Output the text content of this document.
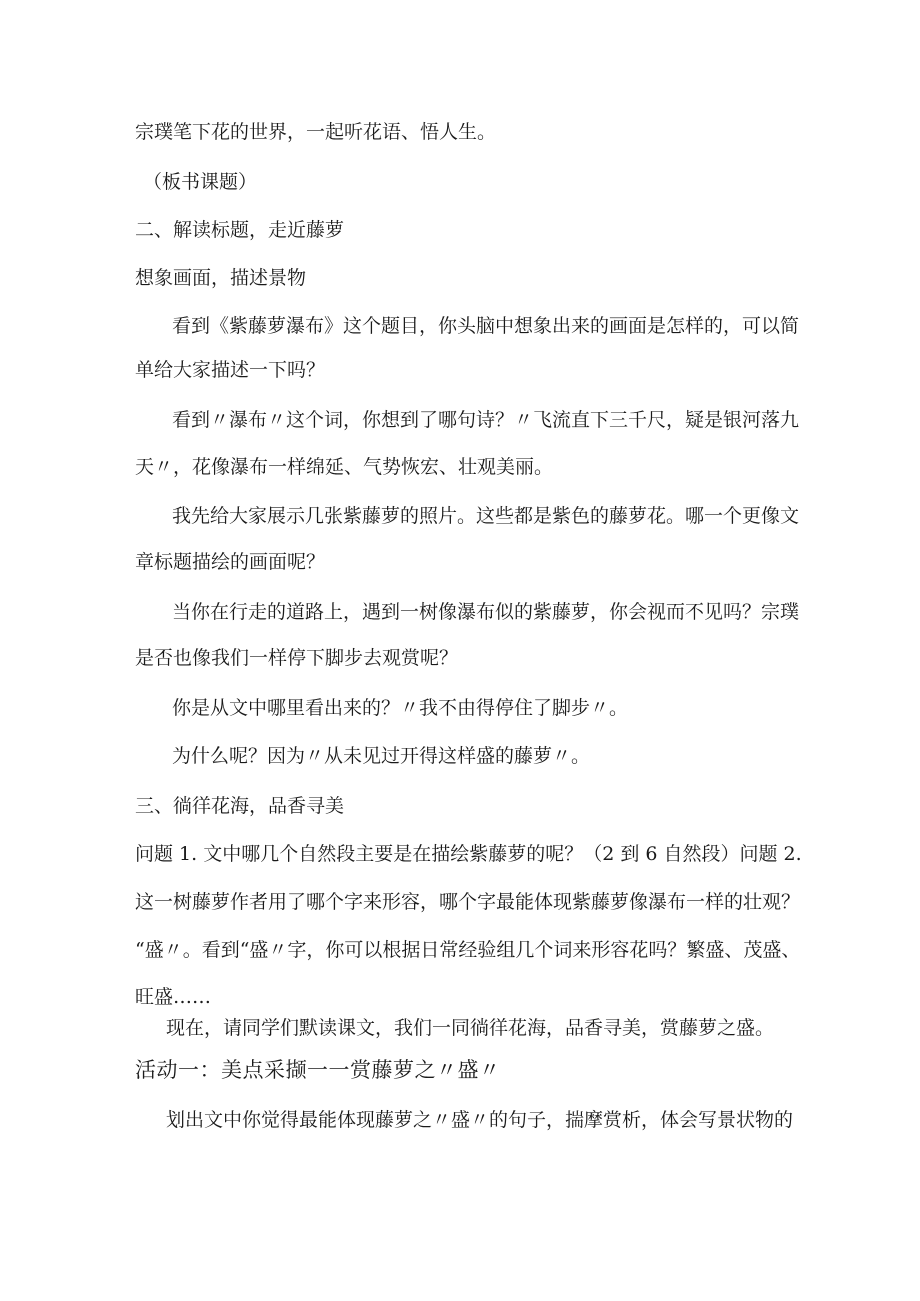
宗璞笔下花的世界，一起听花语、悟人生。
（板书课题）
二、解读标题，走近藤萝
想象画面，描述景物
看到《紫藤萝瀑布》这个题目，你头脑中想象出来的画面是怎样的，可以简
单给大家描述一下吗？
看到〃瀑布〃这个词，你想到了哪句诗？〃飞流直下三千尺，疑是银河落九
天〃，花像瀑布一样绵延、气势恢宏、壮观美丽。
我先给大家展示几张紫藤萝的照片。这些都是紫色的藤萝花。哪一个更像文
章标题描绘的画面呢？
当你在行走的道路上，遇到一树像瀑布似的紫藤萝，你会视而不见吗？宗璞
是否也像我们一样停下脚步去观赏呢？
你是从文中哪里看出来的？〃我不由得停住了脚步〃。
为什么呢？因为〃从未见过开得这样盛的藤萝〃。
三、徜徉花海，品香寻美
问题 1. 文中哪几个自然段主要是在描绘紫藤萝的呢？（2 到 6 自然段）问题 2.
这一树藤萝作者用了哪个字来形容，哪个字最能体现紫藤萝像瀑布一样的壮观？
“盛〃。看到“盛〃字，你可以根据日常经验组几个词来形容花吗？繁盛、茂盛、
旺盛……
现在，请同学们默读课文，我们一同徜徉花海，品香寻美，赏藤萝之盛。
活动一：美点采撷一一赏藤萝之〃盛〃
划出文中你觉得最能体现藤萝之〃盛〃的句子，揣摩赏析，体会写景状物的
